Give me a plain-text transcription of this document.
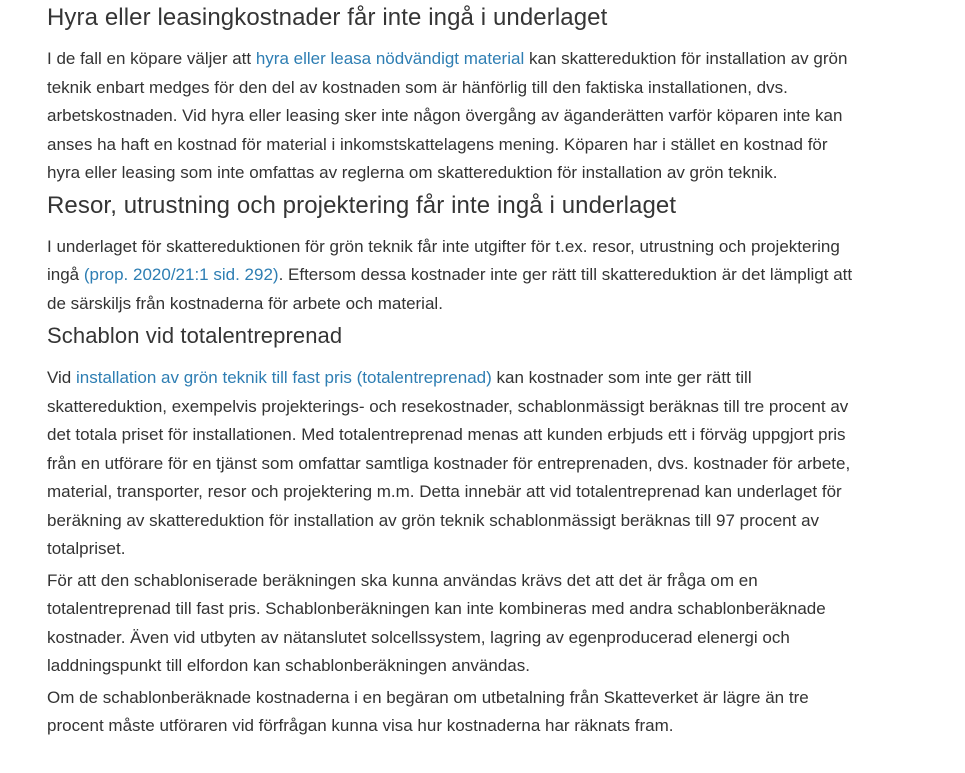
Hyra eller leasingkostnader får inte ingå i underlaget

I de fall en köpare väljer att hyra eller leasa nödvändigt material kan skattereduktion för installation av grön teknik enbart medges för den del av kostnaden som är hänförlig till den faktiska installationen, dvs. arbetskostnaden. Vid hyra eller leasing sker inte någon övergång av äganderätten varför köparen inte kan anses ha haft en kostnad för material i inkomstskattelagens mening. Köparen har i stället en kostnad för hyra eller leasing som inte omfattas av reglerna om skattereduktion för installation av grön teknik.

Resor, utrustning och projektering får inte ingå i underlaget

I underlaget för skattereduktionen för grön teknik får inte utgifter för t.ex. resor, utrustning och projektering ingå (prop. 2020/21:1 sid. 292). Eftersom dessa kostnader inte ger rätt till skattereduktion är det lämpligt att de särskiljs från kostnaderna för arbete och material.

Schablon vid totalentreprenad

Vid installation av grön teknik till fast pris (totalentreprenad) kan kostnader som inte ger rätt till skattereduktion, exempelvis projekterings- och resekostnader, schablonmässigt beräknas till tre procent av det totala priset för installationen. Med totalentreprenad menas att kunden erbjuds ett i förväg uppgjort pris från en utförare för en tjänst som omfattar samtliga kostnader för entreprenaden, dvs. kostnader för arbete, material, transporter, resor och projektering m.m. Detta innebär att vid totalentreprenad kan underlaget för beräkning av skattereduktion för installation av grön teknik schablonmässigt beräknas till 97 procent av totalpriset.

För att den schabloniserade beräkningen ska kunna användas krävs det att det är fråga om en totalentreprenad till fast pris. Schablonberäkningen kan inte kombineras med andra schablonberäknade kostnader. Även vid utbyten av nätanslutet solcellssystem, lagring av egenproducerad elenergi och laddningspunkt till elfordon kan schablonberäkningen användas.

Om de schablonberäknade kostnaderna i en begäran om utbetalning från Skatteverket är lägre än tre procent måste utföraren vid förfrågan kunna visa hur kostnaderna har räknats fram.
